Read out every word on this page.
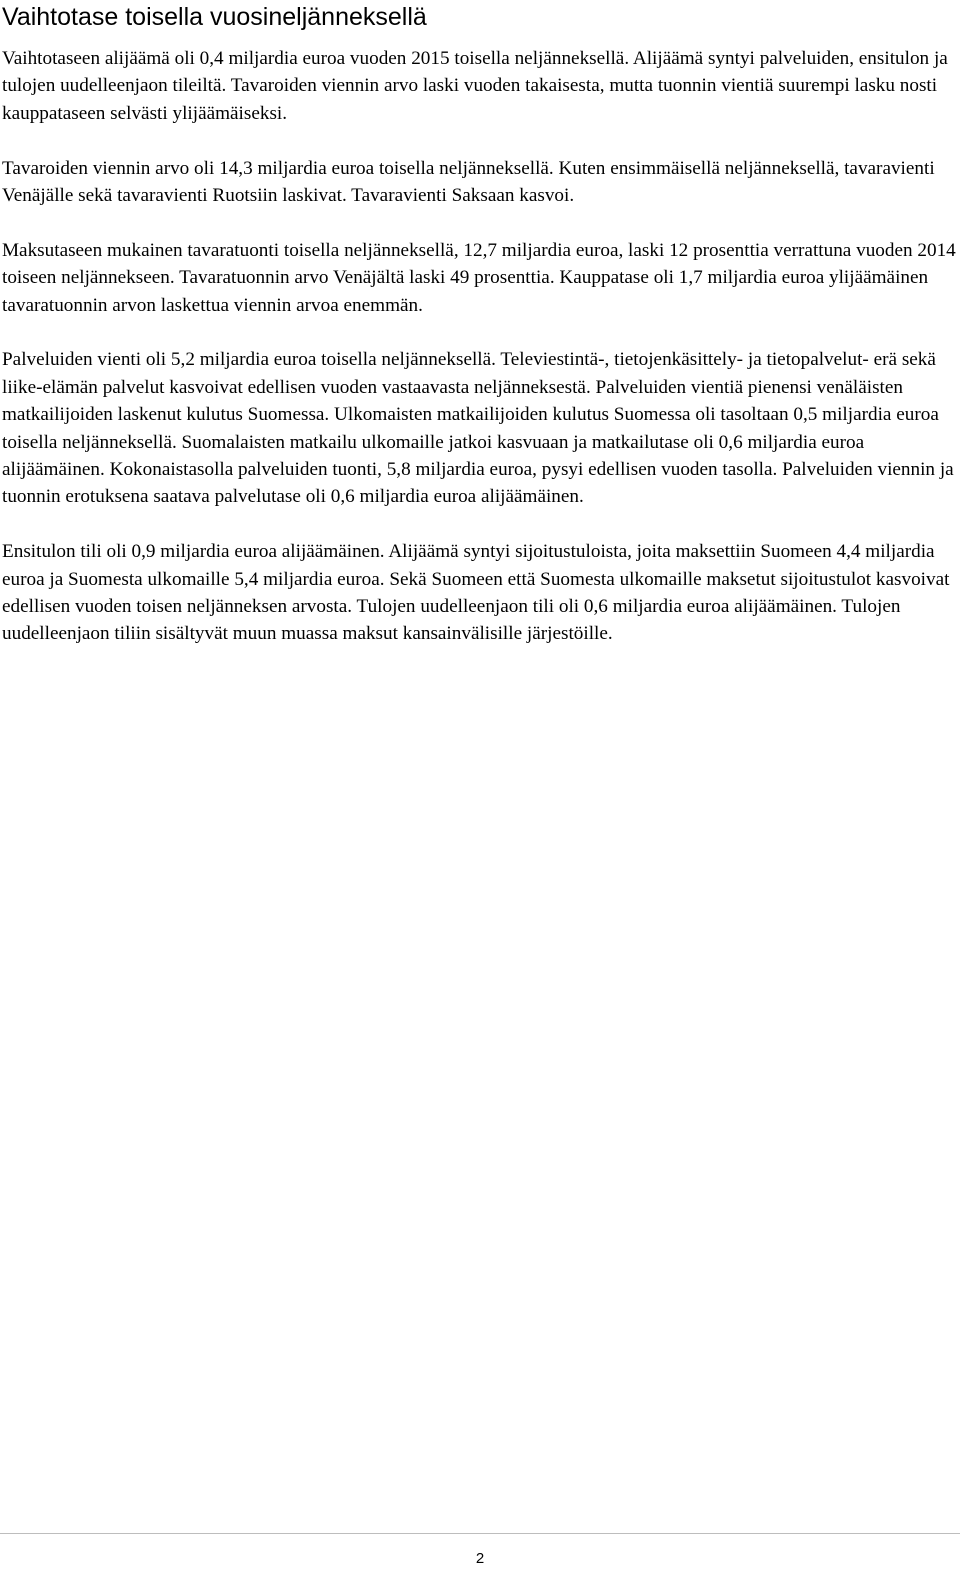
Vaihtotase toisella vuosineljänneksellä

Vaihtotaseen alijäämä oli 0,4 miljardia euroa vuoden 2015 toisella neljänneksellä. Alijäämä syntyi palveluiden, ensitulon ja tulojen uudelleenjaon tileiltä. Tavaroiden viennin arvo laski vuoden takaisesta, mutta tuonnin vientiä suurempi lasku nosti kauppataseen selvästi ylijäämäiseksi.

Tavaroiden viennin arvo oli 14,3 miljardia euroa toisella neljänneksellä. Kuten ensimmäisellä neljänneksellä, tavaravienti Venäjälle sekä tavaravienti Ruotsiin laskivat. Tavaravienti Saksaan kasvoi.

Maksutaseen mukainen tavaratuonti toisella neljänneksellä, 12,7 miljardia euroa, laski 12 prosenttia verrattuna vuoden 2014 toiseen neljännekseen. Tavaratuonnin arvo Venäjältä laski 49 prosenttia. Kauppatase oli 1,7 miljardia euroa ylijäämäinen tavaratuonnin arvon laskettua viennin arvoa enemmän.

Palveluiden vienti oli 5,2 miljardia euroa toisella neljänneksellä. Televiestintä-, tietojenkäsittely- ja tietopalvelut- erä sekä liike-elämän palvelut kasvoivat edellisen vuoden vastaavasta neljänneksestä. Palveluiden vientiä pienensi venäläisten matkailijoiden laskenut kulutus Suomessa. Ulkomaisten matkailijoiden kulutus Suomessa oli tasoltaan 0,5 miljardia euroa toisella neljänneksellä. Suomalaisten matkailu ulkomaille jatkoi kasvuaan ja matkailutase oli 0,6 miljardia euroa alijäämäinen. Kokonaistasolla palveluiden tuonti, 5,8 miljardia euroa, pysyi edellisen vuoden tasolla. Palveluiden viennin ja tuonnin erotuksena saatava palvelutase oli 0,6 miljardia euroa alijäämäinen.

Ensitulon tili oli 0,9 miljardia euroa alijäämäinen. Alijäämä syntyi sijoitustuloista, joita maksettiin Suomeen 4,4 miljardia euroa ja Suomesta ulkomaille 5,4 miljardia euroa. Sekä Suomeen että Suomesta ulkomaille maksetut sijoitustulot kasvoivat edellisen vuoden toisen neljänneksen arvosta. Tulojen uudelleenjaon tili oli 0,6 miljardia euroa alijäämäinen. Tulojen uudelleenjaon tiliin sisältyvät muun muassa maksut kansainvälisille järjestöille.

2
